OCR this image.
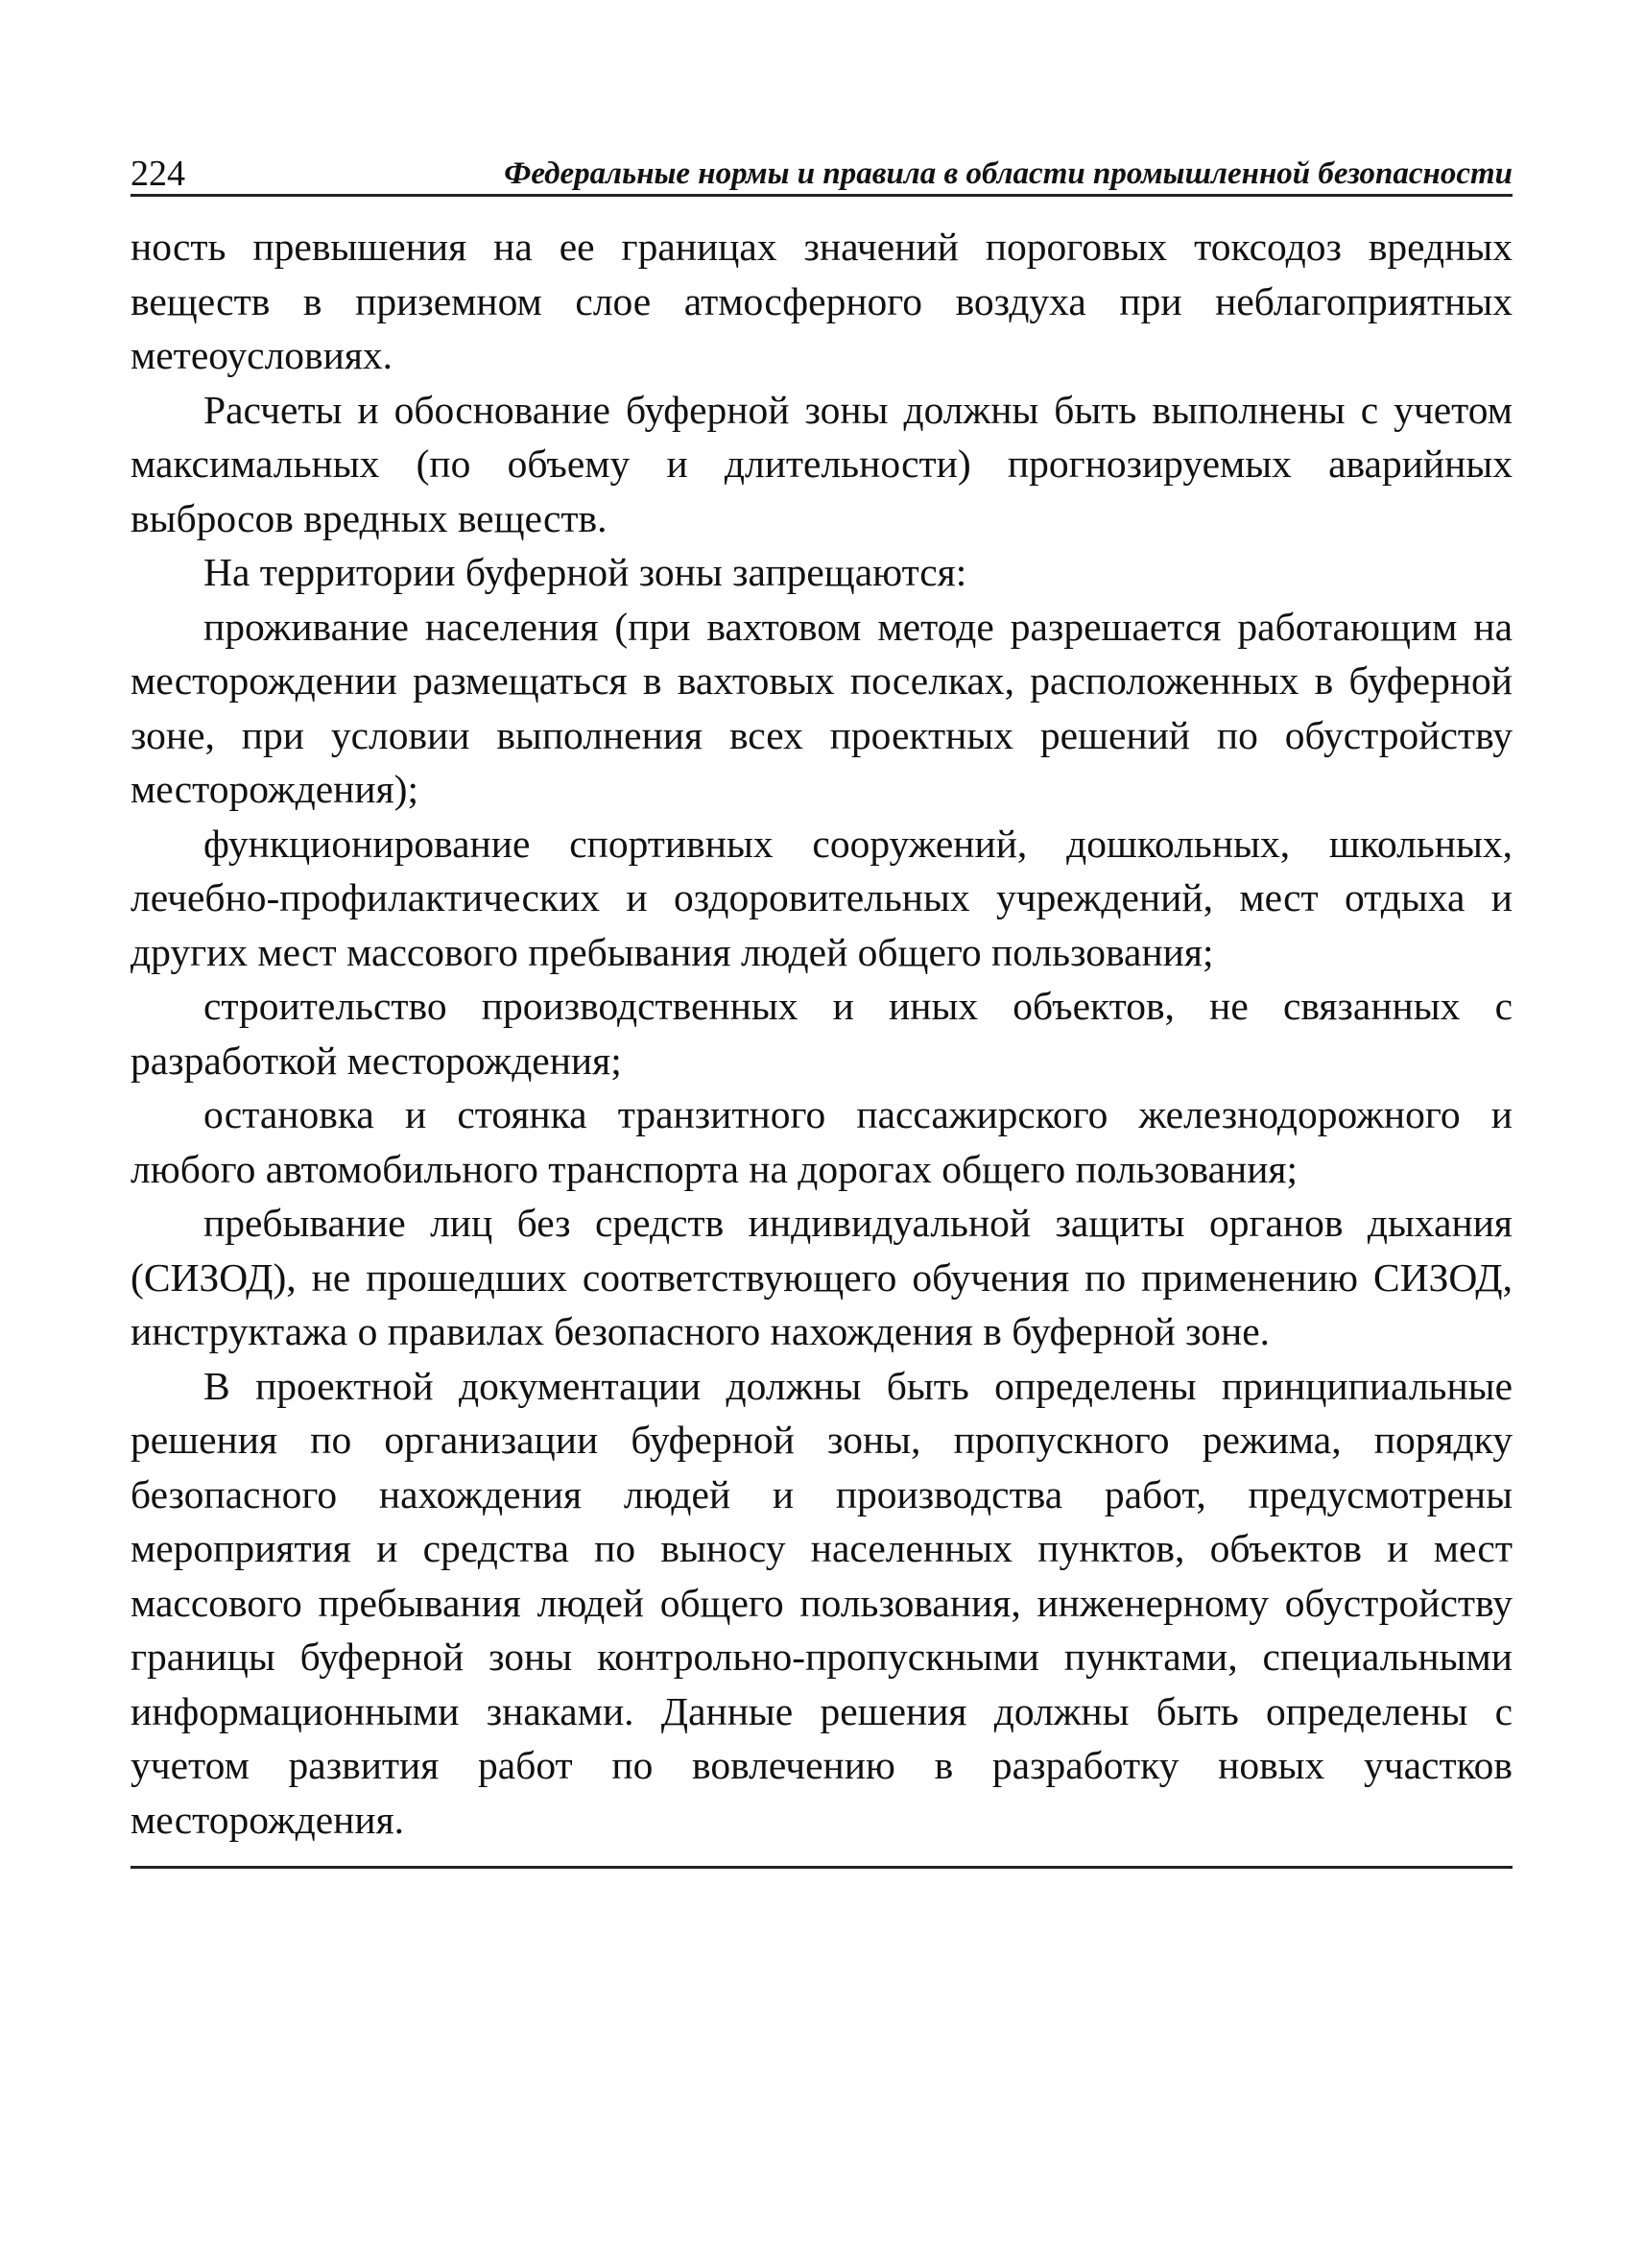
224	Федеральные нормы и правила в области промышленной безопасности

ность превышения на ее границах значений пороговых токсодоз вредных веществ в приземном слое атмосферного воздуха при неблагоприятных метеоусловиях.

Расчеты и обоснование буферной зоны должны быть выполнены с учетом максимальных (по объему и длительности) прогнозируемых аварийных выбросов вредных веществ.

На территории буферной зоны запрещаются:

проживание населения (при вахтовом методе разрешается работающим на месторождении размещаться в вахтовых поселках, расположенных в буферной зоне, при условии выполнения всех проектных решений по обустройству месторождения);

функционирование спортивных сооружений, дошкольных, школьных, лечебно-профилактических и оздоровительных учреждений, мест отдыха и других мест массового пребывания людей общего пользования;

строительство производственных и иных объектов, не связанных с разработкой месторождения;

остановка и стоянка транзитного пассажирского железнодорожного и любого автомобильного транспорта на дорогах общего пользования;

пребывание лиц без средств индивидуальной защиты органов дыхания (СИЗОД), не прошедших соответствующего обучения по применению СИЗОД, инструктажа о правилах безопасного нахождения в буферной зоне.

В проектной документации должны быть определены принципиальные решения по организации буферной зоны, пропускного режима, порядку безопасного нахождения людей и производства работ, предусмотрены мероприятия и средства по выносу населенных пунктов, объектов и мест массового пребывания людей общего пользования, инженерному обустройству границы буферной зоны контрольно-пропускными пунктами, специальными информационными знаками. Данные решения должны быть определены с учетом развития работ по вовлечению в разработку новых участков месторождения.
